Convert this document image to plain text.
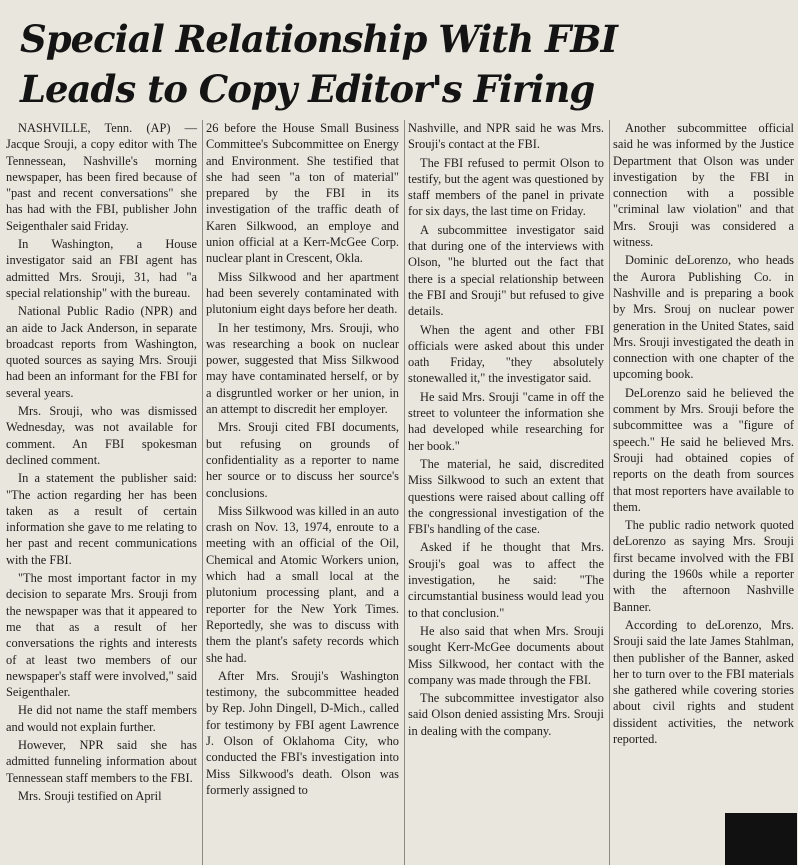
Special Relationship With FBI
Leads to Copy Editor's Firing

NASHVILLE, Tenn. (AP) — Jacque Srouji, a copy editor with The Tennessean, Nashville's morning newspaper, has been fired because of "past and recent conversations" she has had with the FBI, publisher John Seigenthaler said Friday.

In Washington, a House investigator said an FBI agent has admitted Mrs. Srouji, 31, had "a special relationship" with the bureau.

National Public Radio (NPR) and an aide to Jack Anderson, in separate broadcast reports from Washington, quoted sources as saying Mrs. Srouji had been an informant for the FBI for several years.

Mrs. Srouji, who was dismissed Wednesday, was not available for comment. An FBI spokesman declined comment.

In a statement the publisher said: "The action regarding her has been taken as a result of certain information she gave to me relating to her past and recent communications with the FBI.

"The most important factor in my decision to separate Mrs. Srouji from the newspaper was that it appeared to me that as a result of her conversations the rights and interests of at least two members of our newspaper's staff were involved," said Seigenthaler.

He did not name the staff members and would not explain further.

However, NPR said she has admitted funneling information about Tennessean staff members to the FBI.

Mrs. Srouji testified on April

26 before the House Small Business Committee's Subcommittee on Energy and Environment. She testified that she had seen "a ton of material" prepared by the FBI in its investigation of the traffic death of Karen Silkwood, an employe and union official at a Kerr-McGee Corp. nuclear plant in Crescent, Okla.

Miss Silkwood and her apartment had been severely contaminated with plutonium eight days before her death.

In her testimony, Mrs. Srouji, who was researching a book on nuclear power, suggested that Miss Silkwood may have contaminated herself, or by a disgruntled worker or her union, in an attempt to discredit her employer.

Mrs. Srouji cited FBI documents, but refusing on grounds of confidentiality as a reporter to name her source or to discuss her source's conclusions.

Miss Silkwood was killed in an auto crash on Nov. 13, 1974, enroute to a meeting with an official of the Oil, Chemical and Atomic Workers union, which had a small local at the plutonium processing plant, and a reporter for the New York Times. Reportedly, she was to discuss with them the plant's safety records which she had.

After Mrs. Srouji's Washington testimony, the subcommittee headed by Rep. John Dingell, D-Mich., called for testimony by FBI agent Lawrence J. Olson of Oklahoma City, who conducted the FBI's investigation into Miss Silkwood's death. Olson was formerly assigned to

Nashville, and NPR said he was Mrs. Srouji's contact at the FBI.

The FBI refused to permit Olson to testify, but the agent was questioned by staff members of the panel in private for six days, the last time on Friday.

A subcommittee investigator said that during one of the interviews with Olson, "he blurted out the fact that there is a special relationship between the FBI and Srouji" but refused to give details.

When the agent and other FBI officials were asked about this under oath Friday, "they absolutely stonewalled it," the investigator said.

He said Mrs. Srouji "came in off the street to volunteer the information she had developed while researching for her book."

The material, he said, discredited Miss Silkwood to such an extent that questions were raised about calling off the congressional investigation of the FBI's handling of the case.

Asked if he thought that Mrs. Srouji's goal was to affect the investigation, he said: "The circumstantial business would lead you to that conclusion."

He also said that when Mrs. Srouji sought Kerr-McGee documents about Miss Silkwood, her contact with the company was made through the FBI.

The subcommittee investigator also said Olson denied assisting Mrs. Srouji in dealing with the company.

Another subcommittee official said he was informed by the Justice Department that Olson was under investigation by the FBI in connection with a possible "criminal law violation" and that Mrs. Srouji was considered a witness.

Dominic deLorenzo, who heads the Aurora Publishing Co. in Nashville and is preparing a book by Mrs. Srouj on nuclear power generation in the United States, said Mrs. Srouji investigated the death in connection with one chapter of the upcoming book.

DeLorenzo said he believed the comment by Mrs. Srouji before the subcommittee was a "figure of speech." He said he believed Mrs. Srouji had obtained copies of reports on the death from sources that most reporters have available to them.

The public radio network quoted deLorenzo as saying Mrs. Srouji first became involved with the FBI during the 1960s while a reporter with the afternoon Nashville Banner.

According to deLorenzo, Mrs. Srouji said the late James Stahlman, then publisher of the Banner, asked her to turn over to the FBI materials she gathered while covering stories about civil rights and student dissident activities, the network reported.
